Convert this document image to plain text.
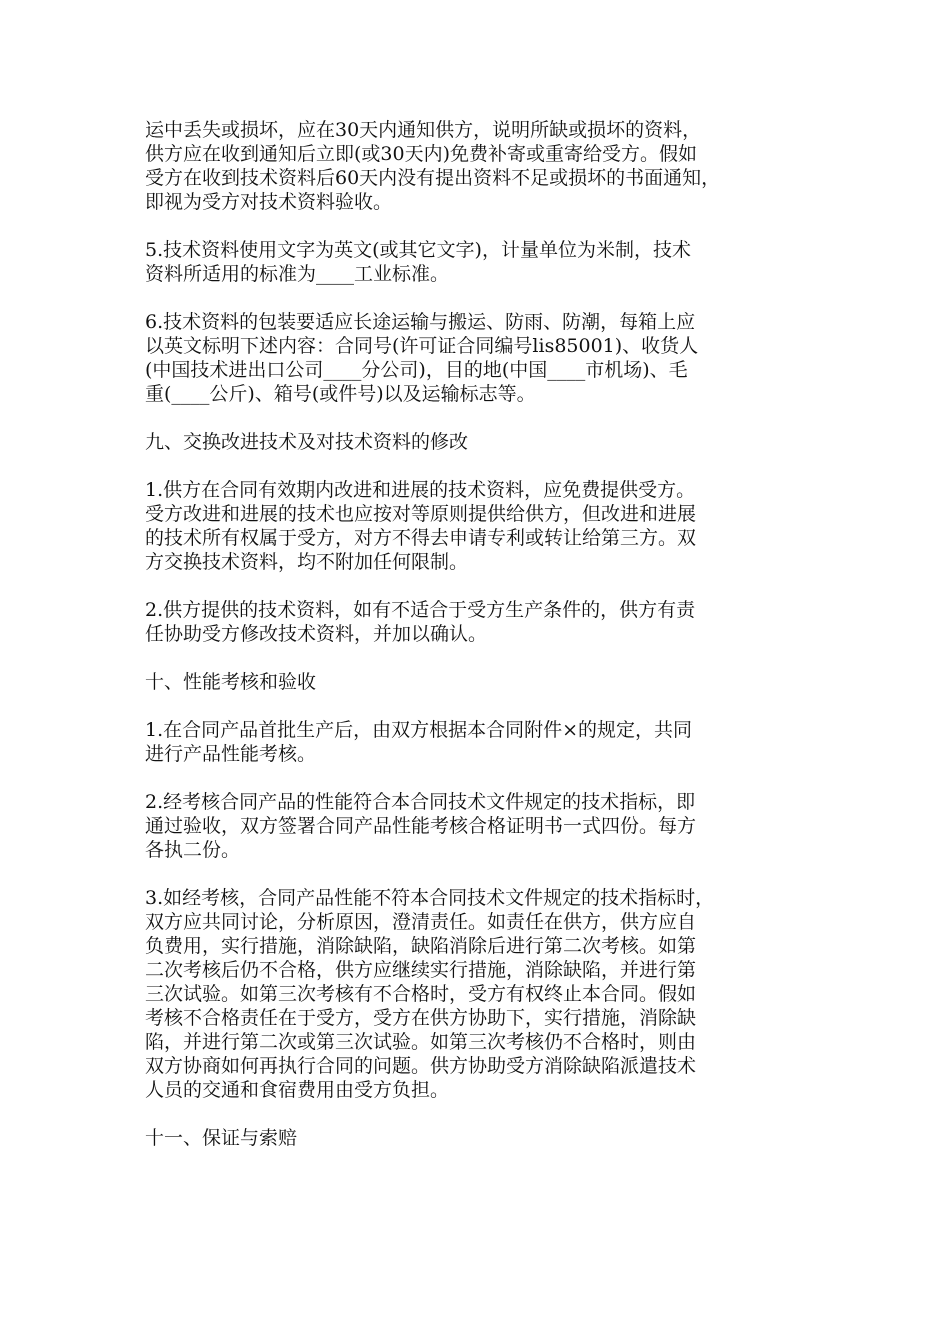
运中丢失或损坏，应在30天内通知供方，说明所缺或损坏的资料，
供方应在收到通知后立即(或30天内)免费补寄或重寄给受方。假如
受方在收到技术资料后60天内没有提出资料不足或损坏的书面通知，
即视为受方对技术资料验收。
5.技术资料使用文字为英文(或其它文字)，计量单位为米制，技术
资料所适用的标准为____工业标准。
6.技术资料的包装要适应长途运输与搬运、防雨、防潮，每箱上应
以英文标明下述内容：合同号(许可证合同编号lis85001)、收货人
(中国技术进出口公司____分公司)，目的地(中国____市机场)、毛
重(____公斤)、箱号(或件号)以及运输标志等。
九、交换改进技术及对技术资料的修改
1.供方在合同有效期内改进和进展的技术资料，应免费提供受方。
受方改进和进展的技术也应按对等原则提供给供方，但改进和进展
的技术所有权属于受方，对方不得去申请专利或转让给第三方。双
方交换技术资料，均不附加任何限制。
2.供方提供的技术资料，如有不适合于受方生产条件的，供方有责
任协助受方修改技术资料，并加以确认。
十、性能考核和验收
1.在合同产品首批生产后，由双方根据本合同附件×的规定，共同
进行产品性能考核。
2.经考核合同产品的性能符合本合同技术文件规定的技术指标，即
通过验收，双方签署合同产品性能考核合格证明书一式四份。每方
各执二份。
3.如经考核，合同产品性能不符本合同技术文件规定的技术指标时，
双方应共同讨论，分析原因，澄清责任。如责任在供方，供方应自
负费用，实行措施，消除缺陷，缺陷消除后进行第二次考核。如第
二次考核后仍不合格，供方应继续实行措施，消除缺陷，并进行第
三次试验。如第三次考核有不合格时，受方有权终止本合同。假如
考核不合格责任在于受方，受方在供方协助下，实行措施，消除缺
陷，并进行第二次或第三次试验。如第三次考核仍不合格时，则由
双方协商如何再执行合同的问题。供方协助受方消除缺陷派遣技术
人员的交通和食宿费用由受方负担。
十一、保证与索赔
